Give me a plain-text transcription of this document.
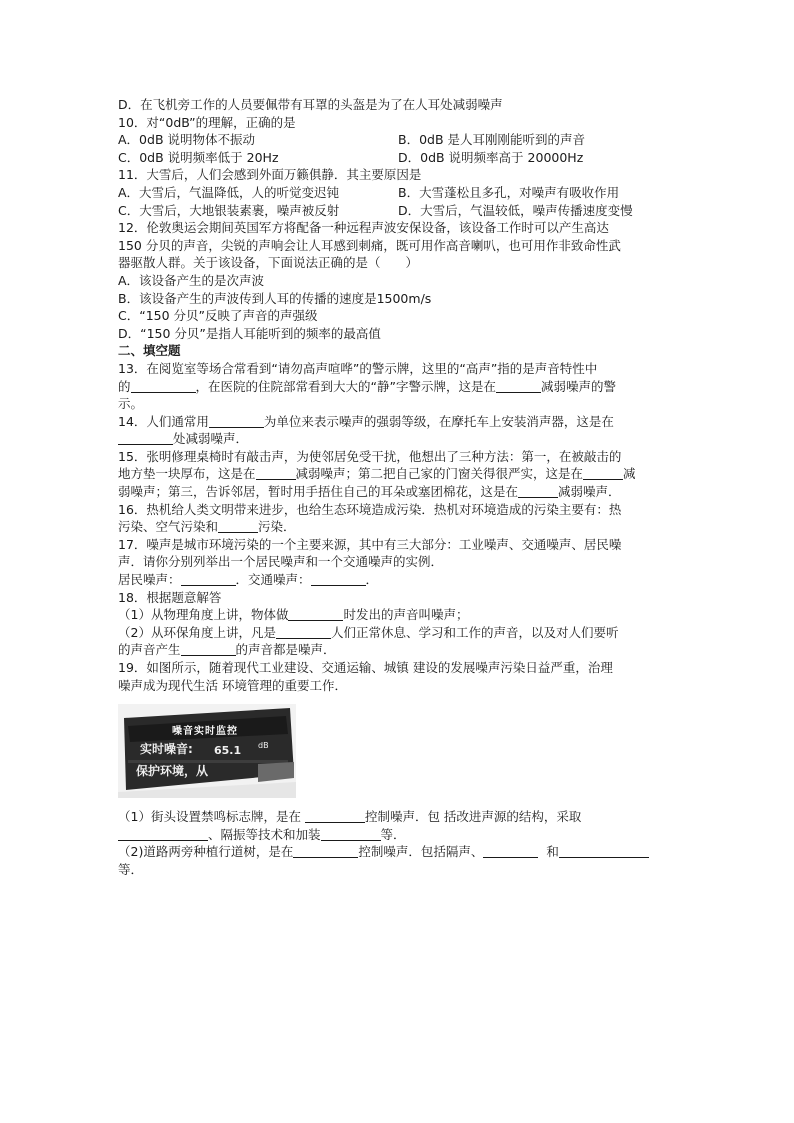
D．在飞机旁工作的人员要佩带有耳罩的头盔是为了在人耳处减弱噪声
10．对“0dB”的理解，正确的是
A．0dB 说明物体不振动	B．0dB 是人耳刚刚能听到的声音
C．0dB 说明频率低于 20Hz	D．0dB 说明频率高于 20000Hz
11．大雪后，人们会感到外面万籁俱静．其主要原因是
A．大雪后，气温降低，人的听觉变迟钝	B．大雪蓬松且多孔，对噪声有吸收作用
C．大雪后，大地银装素裹，噪声被反射	D．大雪后，气温较低，噪声传播速度变慢
12．伦敦奥运会期间英国军方将配备一种远程声波安保设备，该设备工作时可以产生高达
150 分贝的声音，尖锐的声响会让人耳感到刺痛，既可用作高音喇叭，也可用作非致命性武
器驱散人群。关于该设备，下面说法正确的是（　　）
A．该设备产生的是次声波
B．该设备产生的声波传到人耳的传播的速度是1500m/s
C．“150 分贝”反映了声音的声强级
D．“150 分贝”是指人耳能听到的频率的最高值
二、填空题
13．在阅览室等场合常看到“请勿高声喧哗”的警示牌，这里的“高声”指的是声音特性中
的	，在医院的住院部常看到大大的“静”字警示牌，这是在	减弱噪声的警
示。
14．人们通常用	为单位来表示噪声的强弱等级，在摩托车上安装消声器，这是在
处减弱噪声．
15．张明修理桌椅时有敲击声，为使邻居免受干扰，他想出了三种方法：第一，在被敲击的
地方垫一块厚布，这是在	减弱噪声；第二把自己家的门窗关得很严实，这是在	减
弱噪声；第三，告诉邻居，暂时用手捂住自己的耳朵或塞团棉花，这是在	减弱噪声．
16．热机给人类文明带来进步，也给生态环境造成污染．热机对环境造成的污染主要有：热
污染、空气污染和	污染．
17．噪声是城市环境污染的一个主要来源，其中有三大部分：工业噪声、交通噪声、居民噪
声．请你分别列举出一个居民噪声和一个交通噪声的实例．
居民噪声：	．交通噪声：	．
18．根据题意解答
（1）从物理角度上讲，物体做	时发出的声音叫噪声；
（2）从环保角度上讲，凡是	人们正常休息、学习和工作的声音，以及对人们要听
的声音产生	的声音都是噪声．
19．如图所示，随着现代工业建设、交通运输、城镇 建设的发展噪声污染日益严重，治理
噪声成为现代生活 环境管理的重要工作．
噪音实时监控
实时噪音: 65.1 dB
保护环境，从
（1）街头设置禁鸣标志牌，是在	控制噪声．包 括改进声源的结构，采取
、隔振等技术和加装	等．
（2)道路两旁种植行道树，是在	控制噪声．包括隔声、	和
等．
